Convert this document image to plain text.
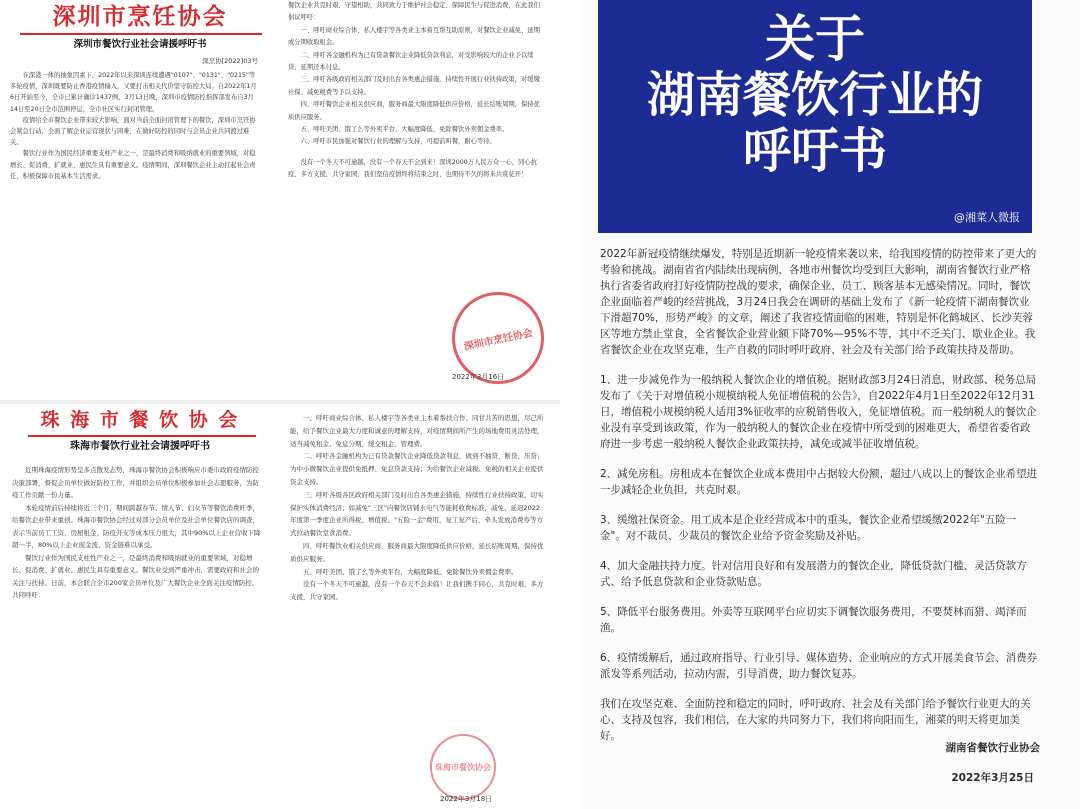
深圳市烹饪协会
深圳市餐饮行业社会请援呼吁书
深烹协[2022]03号

在深港一体的抽象因素下，2022年以来深圳连续遭遇"0107"、"0131"、"0215"等多轮疫情，深圳既要防止香港疫情输入，又要打击相关代价坚守防控大局。自2022年1月6日开始至今，全市已累计确诊1437例，3月13日晚，深圳市疫情防控指挥部发布自3月14日至20日全市范围停运，全市社区实行封闭管理。

疫情给全市餐饮企业带来较大影响，面对当前全面封闭管理下的餐饮，深圳市烹饪协会紧急行动，全面了解企业运营现状与困难，在做好防控的同时与会员企业共同渡过难关。

餐饮行业作为国民经济重要支柱产业之一，是最终消费和吸纳就业的重要领域，对稳增长、促消费、扩就业、惠民生具有重要意义。疫情期间，深圳餐饮企业主动扛起社会责任，积极保障市民基本生活需求。

餐饮企业共克时艰、守望相助，共同致力于维护社会稳定、保障民生与促进消费，在此我们倡议呼吁：

一、呼吁商业综合体、私人楼宇等各类业主本着互帮互助原则，对餐饮企业减免、延期或分期收取租金。

二、呼吁各金融机构为已有贷款餐饮企业降低贷款利息，对受影响较大的企业予以续贷、延期还本付息。

三、呼吁各级政府相关部门及时出台各类惠企措施，持续性开展行业扶持政策，对缓缴社保、减免税费等予以支持。

四、呼吁餐饮企业相关供应商，服务商最大限度降低供应价格，延长结账周期，保持优质供应服务。

五、呼吁美团、饿了么等外卖平台，大幅度降低、免除餐饮外卖佣金费率。

六、呼吁市民加强对餐饮行业的理解与支持，可提前叫餐，耐心等待。

没有一个冬天不可逾越，没有一个春天不会到来！深圳2000万人民万众一心，同心抗疫，多方支援，共守家园，我们坚信疫情终将结束之时，也期待不久的将来共赏花开！

深圳市烹饪协会
2022年3月16日
珠 海 市 餐 饮 协 会
珠海市餐饮行业社会请援呼吁书

近期珠海疫情形势呈多点散发态势，珠海市餐饮协会积极响应市委市政府疫情防控决策部署，督促会员单位做好防控工作，并组织会员单位积极参加社会志愿服务，为防疫工作贡献一份力量。

本轮疫情前后持续将近三个月，期间跨越春节、情人节、妇女节等餐饮消费旺季，给餐饮企业带来重创。珠海市餐饮协会经过对部分会员单位及社会单位餐饮店的调查，表示当前员工工资、房屋租金、防疫开支等成本压力很大，其中90%以上企业营收下降超一半，80%以上企业现金流、资金链难以承受。

餐饮行业作为国民支柱性产业之一，是最终消费和吸纳就业的重要领域，对稳增长、促消费、扩就业、惠民生具有重要意义。餐饮业受到严重冲击，需要政府和社会的关注与扶持。日前，本会联合全市200家会员单位及广大餐饮企业全面关注疫情防控，共同呼吁：

一、呼吁商业综合体、私人楼宇等各类业主本着帮扶合作、同甘共苦的思想，尽己所能，给予餐饮企业最大力度和诚意的理解支持，对疫情期间所产生的场地费用灵活处理，适当减免租金、免息分期、缓交租金、管理费。

二、呼吁各金融机构为已有贷款餐饮企业降低贷款利息，做到不抽贷、断贷、压贷；为中小微餐饮企业提供免抵押、免息贷款支持；为给餐饮企业减税、免税的相关企业提供资金支持。

三、呼吁各级各区政府相关部门及时出台各类惠企措施，持续性行业扶持政策，切实保护实体消费经济；如减免"三区"内餐饮店铺水电气等能耗收费标准，减免、延迟2022年度第一季度企业所得税、增值税、"五险一金"费用，复工复产后，牵头发放消费券等方式拉动餐饮堂食消费。

四、呼吁餐饮业相关供应商、服务商最大限度降低供应价格，延长结账周期，保持优质供应服务。

五、呼吁美团、饿了么等外卖平台，大幅度降低、免除餐饮外卖佣金费率。

没有一个冬天不可逾越，没有一个春天不会来临！让我们携手同心，共克时艰，多方支援，共守家园。

珠海市餐饮协会
2022年3月18日
关于
湖南餐饮行业的
呼吁书
@湘菜人微报

2022年新冠疫情继续爆发，特别是近期新一轮疫情来袭以来，给我国疫情的防控带来了更大的考验和挑战。湖南省省内陆续出现病例，各地市州餐饮均受到巨大影响，湖南省餐饮行业严格执行省委省政府打好疫情防控战的要求，确保企业、员工、顾客基本无感染情况。同时，餐饮企业面临着严峻的经营挑战，3月24日我会在调研的基础上发布了《新一轮疫情下湖南餐饮业下滑超70%，形势严峻》的文章，阐述了我省疫情面临的困难，特别是怀化鹤城区、长沙芙蓉区等地方禁止堂食，全省餐饮企业营业额下降70%—95%不等，其中不乏关门、歇业企业。我省餐饮企业在攻坚克难，生产自救的同时呼吁政府、社会及有关部门给予政策扶持及帮助。

1、进一步减免作为一般纳税人餐饮企业的增值税。据财政部3月24日消息，财政部、税务总局发布了《关于对增值税小规模纳税人免征增值税的公告》，自2022年4月1日至2022年12月31日，增值税小规模纳税人适用3%征收率的应税销售收入，免征增值税。而一般纳税人的餐饮企业没有享受到该政策，作为一般纳税人的餐饮企业在疫情中所受到的困难更大，希望省委省政府进一步考虑一般纳税人餐饮企业政策扶持，减免或减半征收增值税。

2、减免房租。房租成本在餐饮企业成本费用中占据较大份额，超过八成以上的餐饮企业希望进一步减轻企业负担，共克时艰。

3、缓缴社保资金。用工成本是企业经营成本中的重头，餐饮企业希望缓缴2022年"五险一金"。对不裁员、少裁员的餐饮企业给予资金奖励及补贴。

4、加大金融扶持力度。针对信用良好和有发展潜力的餐饮企业，降低贷款门槛、灵活贷款方式、给予低息贷款和企业贷款贴息。

5、降低平台服务费用。外卖等互联网平台应切实下调餐饮服务费用，不要焚林而猎、竭泽而渔。

6、疫情缓解后，通过政府指导、行业引导、媒体造势、企业响应的方式开展美食节会、消费券派发等系列活动，拉动内需，引导消费，助力餐饮复苏。

我们在攻坚克难、全面防控和稳定的同时，呼吁政府、社会及有关部门给予餐饮行业更大的关心、支持及包容，我们相信，在大家的共同努力下，我们将向阳而生，湘菜的明天将更加美好。

湖南省餐饮行业协会
2022年3月25日
